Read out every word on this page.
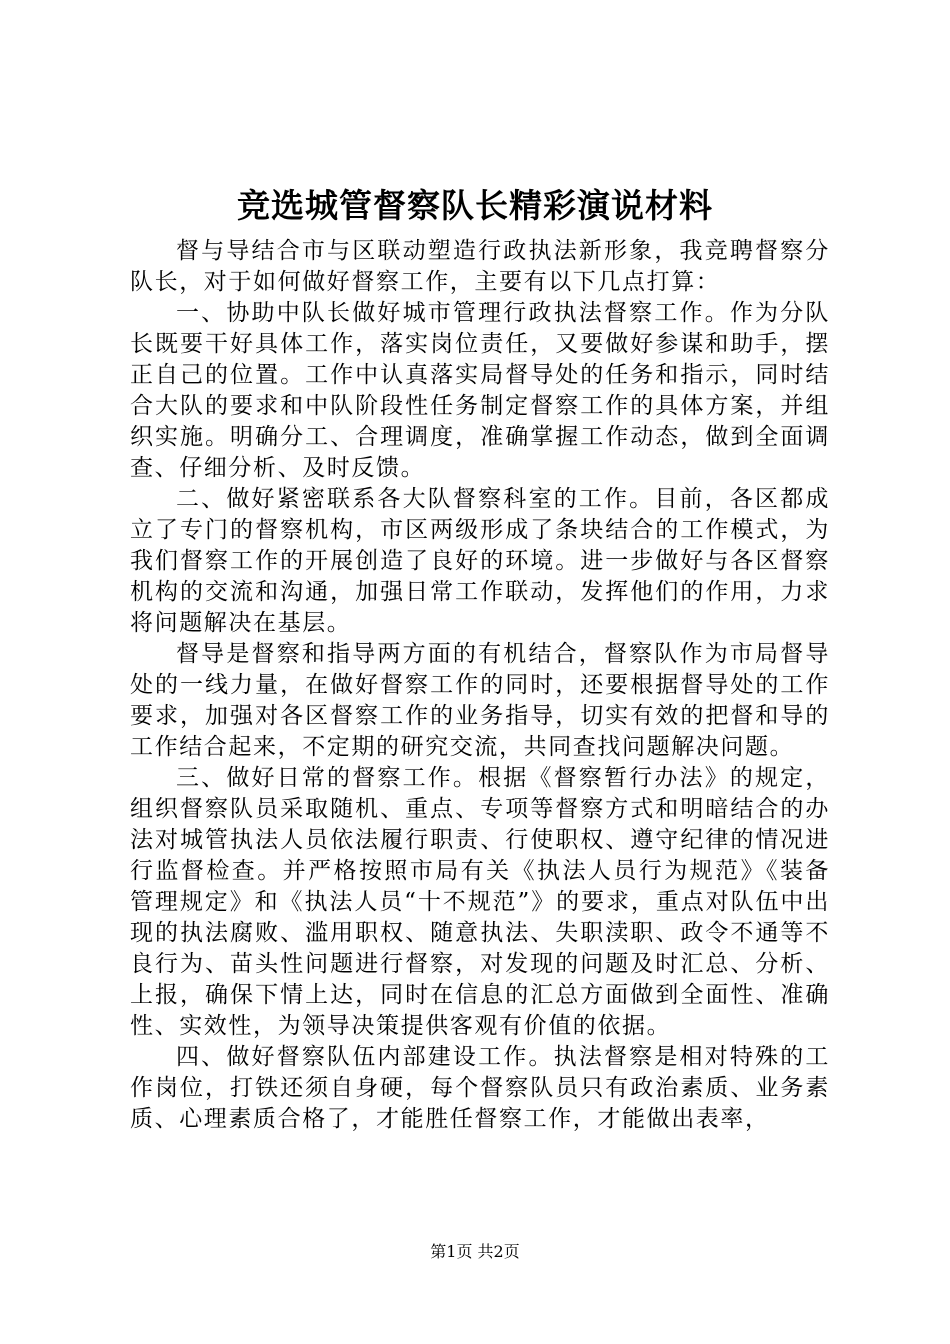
竞选城管督察队长精彩演说材料

督与导结合市与区联动塑造行政执法新形象，我竞聘督察分队长，对于如何做好督察工作，主要有以下几点打算：

一、协助中队长做好城市管理行政执法督察工作。作为分队长既要干好具体工作，落实岗位责任，又要做好参谋和助手，摆正自己的位置。工作中认真落实局督导处的任务和指示，同时结合大队的要求和中队阶段性任务制定督察工作的具体方案，并组织实施。明确分工、合理调度，准确掌握工作动态，做到全面调查、仔细分析、及时反馈。

二、做好紧密联系各大队督察科室的工作。目前，各区都成立了专门的督察机构，市区两级形成了条块结合的工作模式，为我们督察工作的开展创造了良好的环境。进一步做好与各区督察机构的交流和沟通，加强日常工作联动，发挥他们的作用，力求将问题解决在基层。

督导是督察和指导两方面的有机结合，督察队作为市局督导处的一线力量，在做好督察工作的同时，还要根据督导处的工作要求，加强对各区督察工作的业务指导，切实有效的把督和导的工作结合起来，不定期的研究交流，共同查找问题解决问题。

三、做好日常的督察工作。根据《督察暂行办法》的规定，组织督察队员采取随机、重点、专项等督察方式和明暗结合的办法对城管执法人员依法履行职责、行使职权、遵守纪律的情况进行监督检查。并严格按照市局有关《执法人员行为规范》《装备管理规定》和《执法人员“十不规范”》的要求，重点对队伍中出现的执法腐败、滥用职权、随意执法、失职渎职、政令不通等不良行为、苗头性问题进行督察，对发现的问题及时汇总、分析、上报，确保下情上达，同时在信息的汇总方面做到全面性、准确性、实效性，为领导决策提供客观有价值的依据。

四、做好督察队伍内部建设工作。执法督察是相对特殊的工作岗位，打铁还须自身硬，每个督察队员只有政治素质、业务素质、心理素质合格了，才能胜任督察工作，才能做出表率，

第1页 共2页
